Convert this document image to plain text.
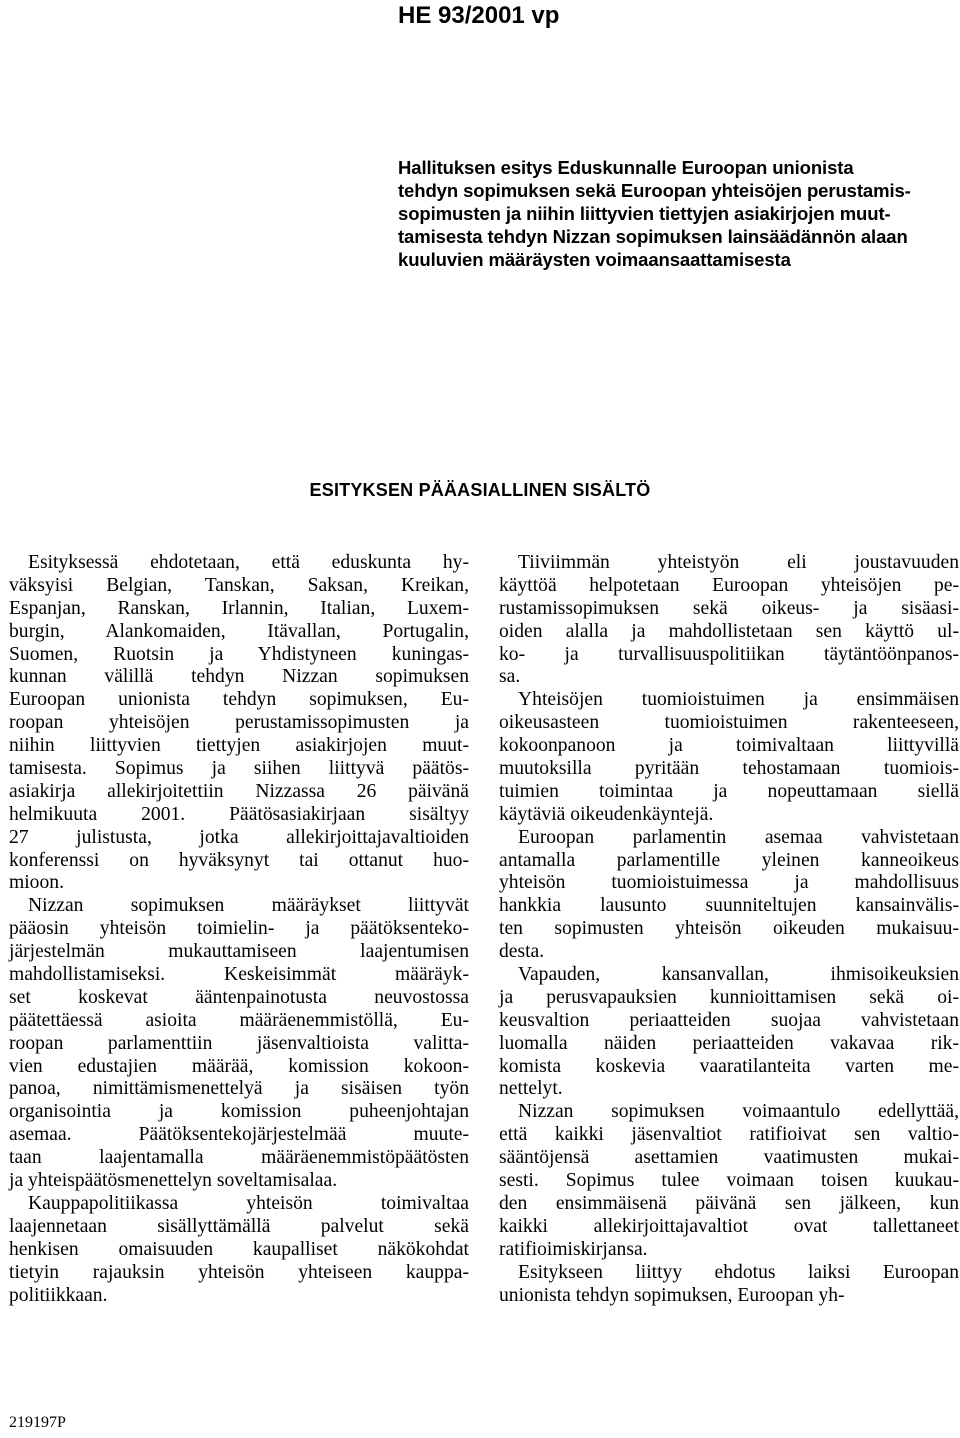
HE 93/2001 vp
Hallituksen esitys Eduskunnalle Euroopan unionista
tehdyn sopimuksen sekä Euroopan yhteisöjen perustamis-
sopimusten ja niihin liittyvien tiettyjen asiakirjojen muut-
tamisesta tehdyn Nizzan sopimuksen lainsäädännön alaan
kuuluvien määräysten voimaansaattamisesta
ESITYKSEN PÄÄASIALLINEN SISÄLTÖ
Esityksessä ehdotetaan, että eduskunta hy-
väksyisi Belgian, Tanskan, Saksan, Kreikan,
Espanjan, Ranskan, Irlannin, Italian, Luxem-
burgin, Alankomaiden, Itävallan, Portugalin,
Suomen, Ruotsin ja Yhdistyneen kuningas-
kunnan välillä tehdyn Nizzan sopimuksen
Euroopan unionista tehdyn sopimuksen, Eu-
roopan yhteisöjen perustamissopimusten ja
niihin liittyvien tiettyjen asiakirjojen muut-
tamisesta. Sopimus ja siihen liittyvä päätös-
asiakirja allekirjoitettiin Nizzassa 26 päivänä
helmikuuta 2001. Päätösasiakirjaan sisältyy
27 julistusta, jotka allekirjoittajavaltioiden
konferenssi on hyväksynyt tai ottanut huo-
mioon.
Nizzan sopimuksen määräykset liittyvät
pääosin yhteisön toimielin- ja päätöksenteko-
järjestelmän mukauttamiseen laajentumisen
mahdollistamiseksi. Keskeisimmät määräyk-
set koskevat ääntenpainotusta neuvostossa
päätettäessä asioita määräenemmistöllä, Eu-
roopan parlamenttiin jäsenvaltioista valitta-
vien edustajien määrää, komission kokoon-
panoa, nimittämismenettelyä ja sisäisen työn
organisointia ja komission puheenjohtajan
asemaa. Päätöksentekojärjestelmää muute-
taan laajentamalla määräenemmistöpäätösten
ja yhteispäätösmenettelyn soveltamisalaa.
Kauppapolitiikassa yhteisön toimivaltaa
laajennetaan sisällyttämällä palvelut sekä
henkisen omaisuuden kaupalliset näkökohdat
tietyin rajauksin yhteisön yhteiseen kauppa-
politiikkaan.
Tiiviimmän yhteistyön eli joustavuuden
käyttöä helpotetaan Euroopan yhteisöjen pe-
rustamissopimuksen sekä oikeus- ja sisäasi-
oiden alalla ja mahdollistetaan sen käyttö ul-
ko- ja turvallisuuspolitiikan täytäntöönpanos-
sa.
Yhteisöjen tuomioistuimen ja ensimmäisen
oikeusasteen tuomioistuimen rakenteeseen,
kokoonpanoon ja toimivaltaan liittyvillä
muutoksilla pyritään tehostamaan tuomiois-
tuimien toimintaa ja nopeuttamaan siellä
käytäviä oikeudenkäyntejä.
Euroopan parlamentin asemaa vahvistetaan
antamalla parlamentille yleinen kanneoikeus
yhteisön tuomioistuimessa ja mahdollisuus
hankkia lausunto suunniteltujen kansainvälis-
ten sopimusten yhteisön oikeuden mukaisuu-
desta.
Vapauden, kansanvallan, ihmisoikeuksien
ja perusvapauksien kunnioittamisen sekä oi-
keusvaltion periaatteiden suojaa vahvistetaan
luomalla näiden periaatteiden vakavaa rik-
komista koskevia vaaratilanteita varten me-
nettelyt.
Nizzan sopimuksen voimaantulo edellyttää,
että kaikki jäsenvaltiot ratifioivat sen valtio-
sääntöjensä asettamien vaatimusten mukai-
sesti. Sopimus tulee voimaan toisen kuukau-
den ensimmäisenä päivänä sen jälkeen, kun
kaikki allekirjoittajavaltiot ovat tallettaneet
ratifioimiskirjansa.
Esitykseen liittyy ehdotus laiksi Euroopan
unionista tehdyn sopimuksen, Euroopan yh-
219197P
